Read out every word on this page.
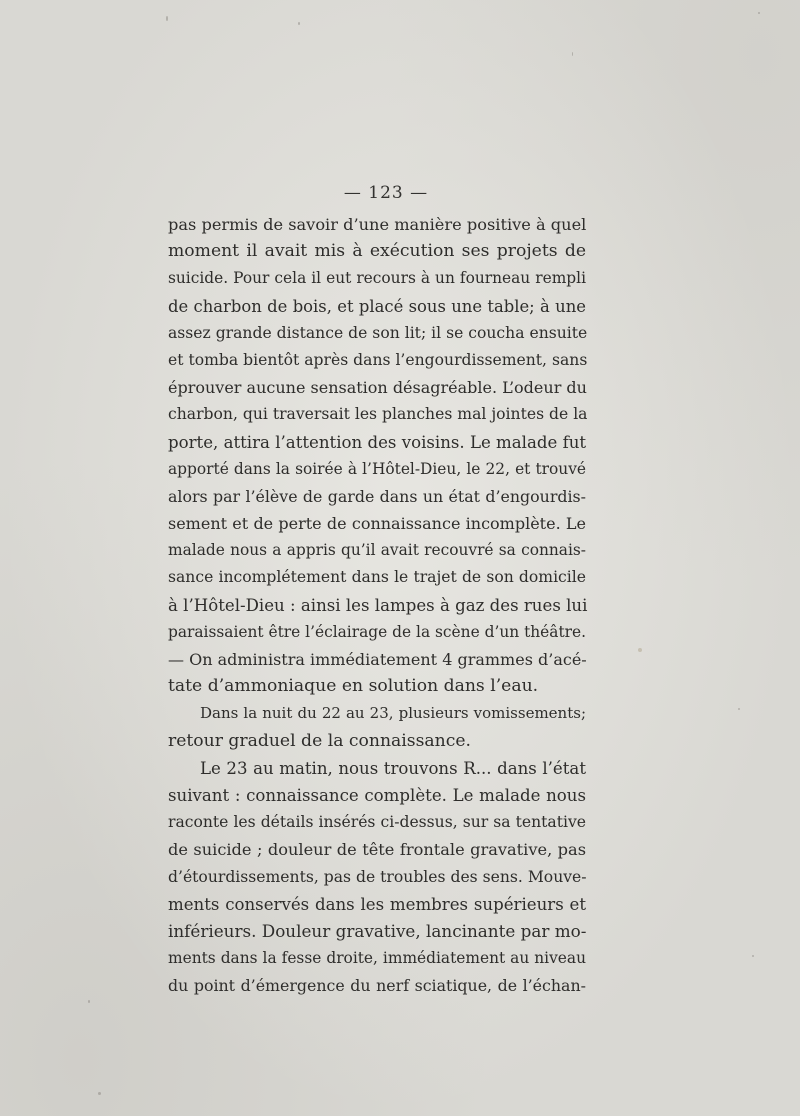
— 123 —
pas permis de savoir d’une manière positive à quel
moment il avait mis à exécution ses projets de
suicide. Pour cela il eut recours à un fourneau rempli
de charbon de bois, et placé sous une table; à une
assez grande distance de son lit; il se coucha ensuite
et tomba bientôt après dans l’engourdissement, sans
éprouver aucune sensation désagréable. L’odeur du
charbon, qui traversait les planches mal jointes de la
porte, attira l’attention des voisins. Le malade fut
apporté dans la soirée à l’Hôtel-Dieu, le 22, et trouvé
alors par l’élève de garde dans un état d’engourdis-
sement et de perte de connaissance incomplète. Le
malade nous a appris qu’il avait recouvré sa connais-
sance incomplétement dans le trajet de son domicile
à l’Hôtel-Dieu : ainsi les lampes à gaz des rues lui
paraissaient être l’éclairage de la scène d’un théâtre.
— On administra immédiatement 4 grammes d’acé-
tate d’ammoniaque en solution dans l’eau.
Dans la nuit du 22 au 23, plusieurs vomissements;
retour graduel de la connaissance.
Le 23 au matin, nous trouvons R... dans l’état
suivant : connaissance complète. Le malade nous
raconte les détails insérés ci-dessus, sur sa tentative
de suicide ; douleur de tête frontale gravative, pas
d’étourdissements, pas de troubles des sens. Mouve-
ments conservés dans les membres supérieurs et
inférieurs. Douleur gravative, lancinante par mo-
ments dans la fesse droite, immédiatement au niveau
du point d’émergence du nerf sciatique, de l’échan-
